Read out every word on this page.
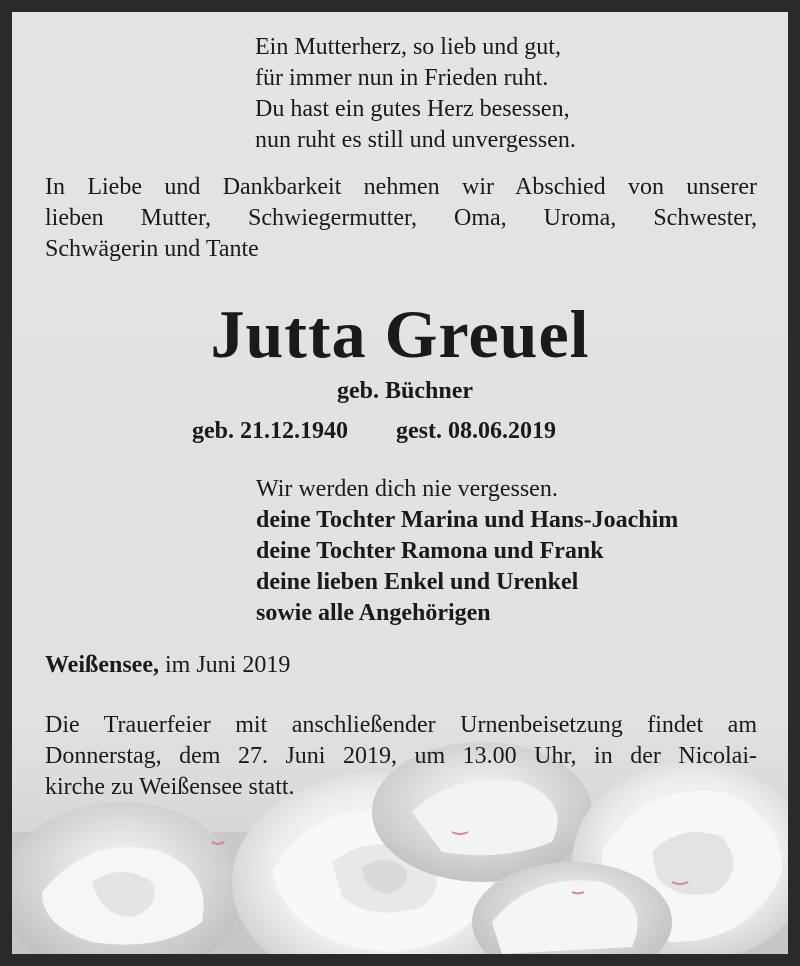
Ein Mutterherz, so lieb und gut,
für immer nun in Frieden ruht.
Du hast ein gutes Herz besessen,
nun ruht es still und unvergessen.
In Liebe und Dankbarkeit nehmen wir Abschied von unserer
lieben Mutter, Schwiegermutter, Oma, Uroma, Schwester,
Schwägerin und Tante
Jutta Greuel
geb. Büchner
geb. 21.12.1940 gest. 08.06.2019
Wir werden dich nie vergessen.
deine Tochter Marina und Hans-Joachim
deine Tochter Ramona und Frank
deine lieben Enkel und Urenkel
sowie alle Angehörigen
Weißensee, im Juni 2019
Die Trauerfeier mit anschließender Urnenbeisetzung findet am
Donnerstag, dem 27. Juni 2019, um 13.00 Uhr, in der Nicolai-
kirche zu Weißensee statt.
